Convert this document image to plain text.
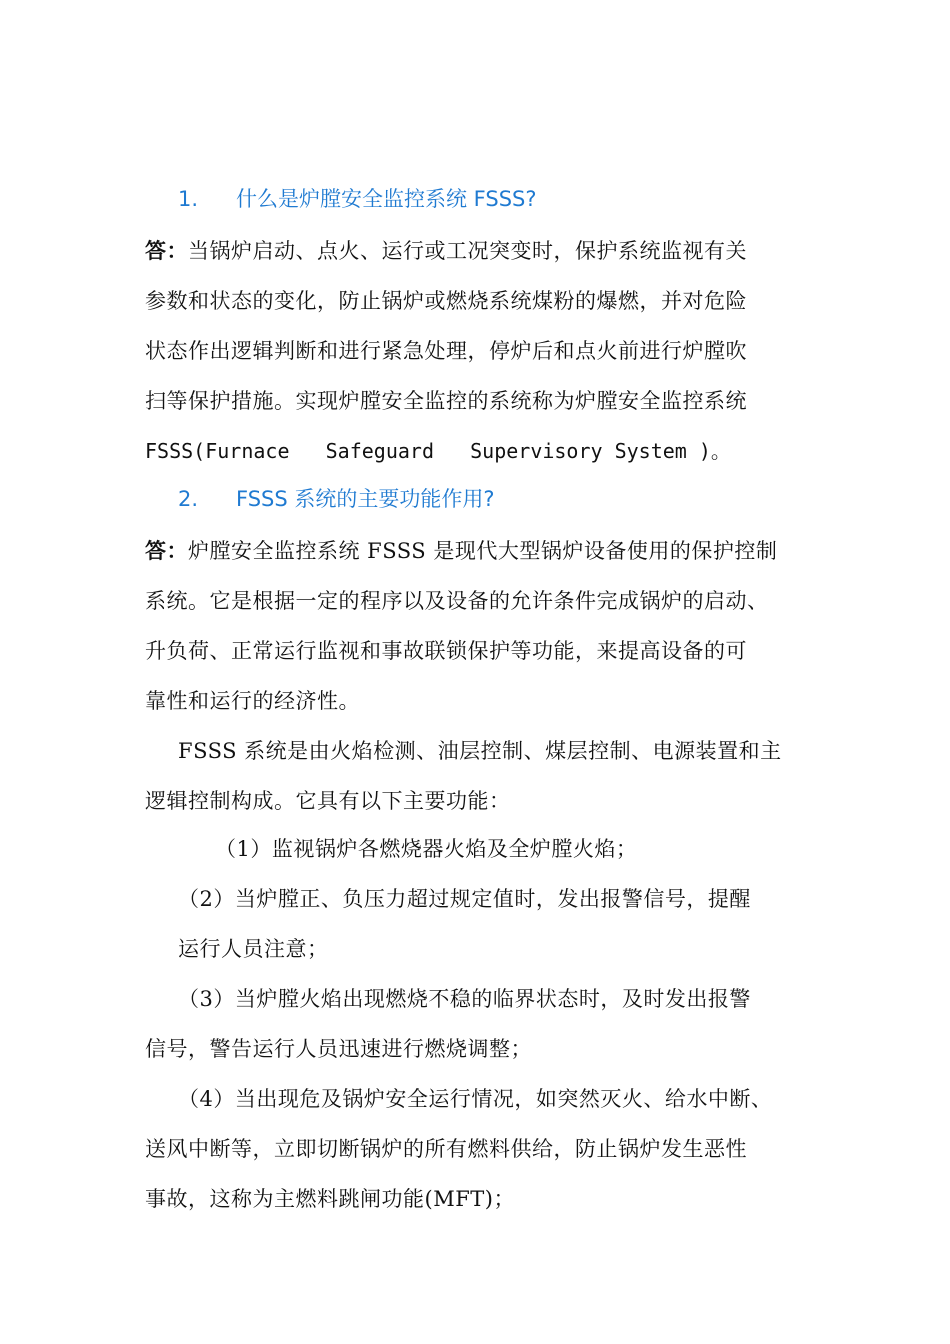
1. 什么是炉膛安全监控系统 FSSS?

答：当锅炉启动、点火、运行或工况突变时，保护系统监视有关

参数和状态的变化，防止锅炉或燃烧系统煤粉的爆燃，并对危险

状态作出逻辑判断和进行紧急处理，停炉后和点火前进行炉膛吹

扫等保护措施。实现炉膛安全监控的系统称为炉膛安全监控系统

FSSS(Furnace   Safeguard   Supervisory System )。

2. FSSS 系统的主要功能作用?

答：炉膛安全监控系统 FSSS 是现代大型锅炉设备使用的保护控制

系统。它是根据一定的程序以及设备的允许条件完成锅炉的启动、

升负荷、正常运行监视和事故联锁保护等功能，来提高设备的可

靠性和运行的经济性。

FSSS 系统是由火焰检测、油层控制、煤层控制、电源装置和主

逻辑控制构成。它具有以下主要功能：

（1）监视锅炉各燃烧器火焰及全炉膛火焰；

（2）当炉膛正、负压力超过规定值时，发出报警信号，提醒

运行人员注意；

（3）当炉膛火焰出现燃烧不稳的临界状态时，及时发出报警

信号，警告运行人员迅速进行燃烧调整；

（4）当出现危及锅炉安全运行情况，如突然灭火、给水中断、

送风中断等，立即切断锅炉的所有燃料供给，防止锅炉发生恶性

事故，这称为主燃料跳闸功能(MFT)；
